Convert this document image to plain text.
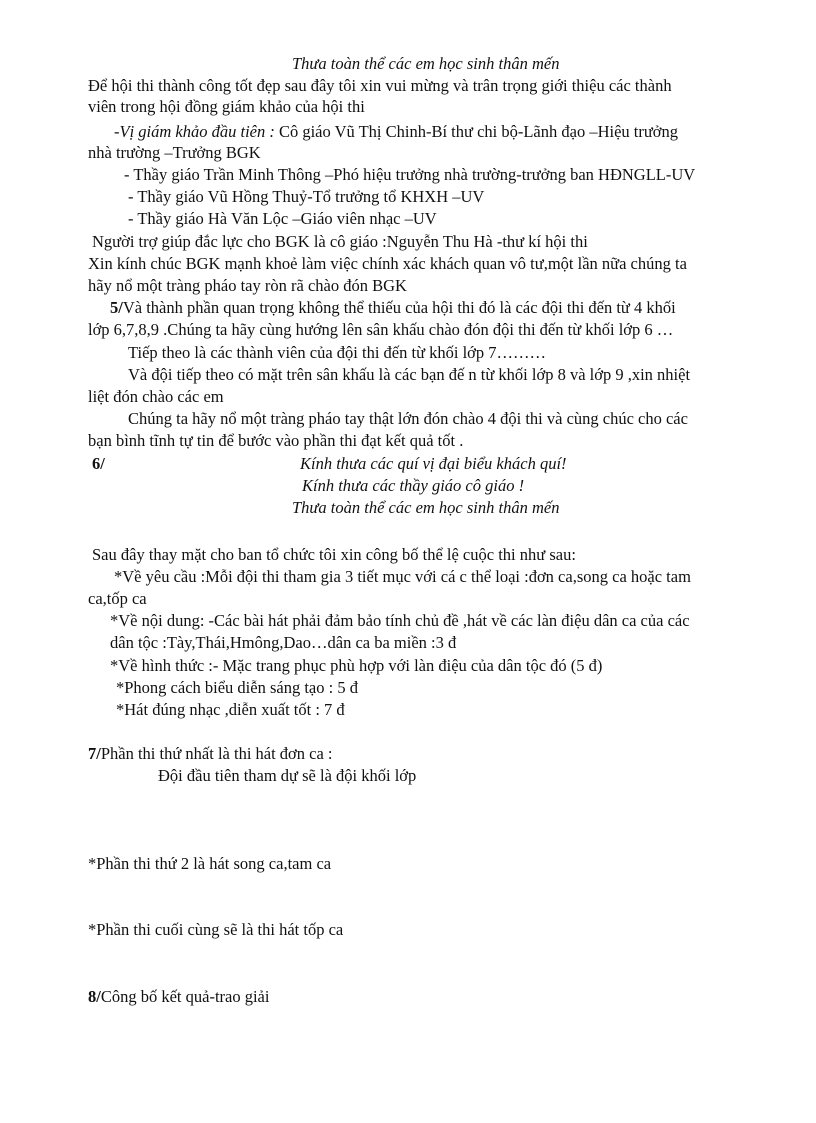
Thưa toàn thể các em học sinh thân mến
Để hội thi thành công tốt đẹp sau đây tôi xin vui mừng và trân trọng giới thiệu các thành
viên trong hội đồng giám khảo của hội thi
-Vị giám khảo đầu tiên : Cô giáo Vũ Thị Chinh-Bí thư chi bộ-Lãnh đạo –Hiệu trưởng
nhà trường –Trưởng BGK
- Thầy giáo Trần Minh Thông –Phó hiệu trưởng nhà trường-trưởng ban HĐNGLL-UV
- Thầy giáo Vũ Hồng Thuỷ-Tổ trưởng tổ KHXH –UV
- Thầy giáo Hà Văn Lộc –Giáo viên nhạc –UV
Người trợ giúp đắc lực cho BGK là cô giáo :Nguyễn Thu Hà -thư kí hội thi
Xin kính chúc BGK mạnh khoẻ làm việc chính xác khách quan vô tư,một lần nữa chúng ta
hãy nổ một tràng pháo tay ròn rã chào đón BGK
5/Và thành phần quan trọng không thể thiếu của hội thi đó là các đội thi đến từ 4 khối
lớp 6,7,8,9 .Chúng ta hãy cùng hướng lên sân khấu chào đón đội thi đến từ khối lớp 6 …
Tiếp theo là các thành viên của đội thi đến từ khối lớp 7………
Và đội tiếp theo có mặt trên sân khấu là các bạn đế n từ khối lớp 8 và lớp 9 ,xin nhiệt
liệt đón chào các em
Chúng ta hãy nổ một tràng pháo tay thật lớn đón chào 4 đội thi và cùng chúc cho các
bạn bình tĩnh tự tin để bước vào phần thi đạt kết quả tốt .
6/	Kính thưa các quí vị đại biểu khách quí!
Kính thưa các thầy giáo cô giáo !
Thưa toàn thể các em học sinh thân mến
Sau đây thay mặt cho ban tổ chức tôi xin công bố thể lệ cuộc thi như sau:
*Về yêu cầu :Mỗi đội thi tham gia 3 tiết mục với cá c thể loại :đơn ca,song ca hoặc tam
ca,tốp ca
*Về nội dung: -Các bài hát phải đảm bảo tính chủ đề ,hát về các làn điệu dân ca của các
dân tộc :Tày,Thái,Hmông,Dao…dân ca ba miền :3 đ
*Về hình thức :- Mặc trang phục phù hợp với làn điệu của dân tộc đó (5 đ)
*Phong cách biểu diễn sáng tạo : 5 đ
*Hát đúng nhạc ,diễn xuất tốt : 7 đ
7/Phần thi thứ nhất là thi hát đơn ca :
Đội đầu tiên tham dự sẽ là đội khối lớp
*Phần thi thứ 2 là hát song ca,tam ca
*Phần thi cuối cùng sẽ là thi hát tốp ca
8/Công bố kết quả-trao giải
